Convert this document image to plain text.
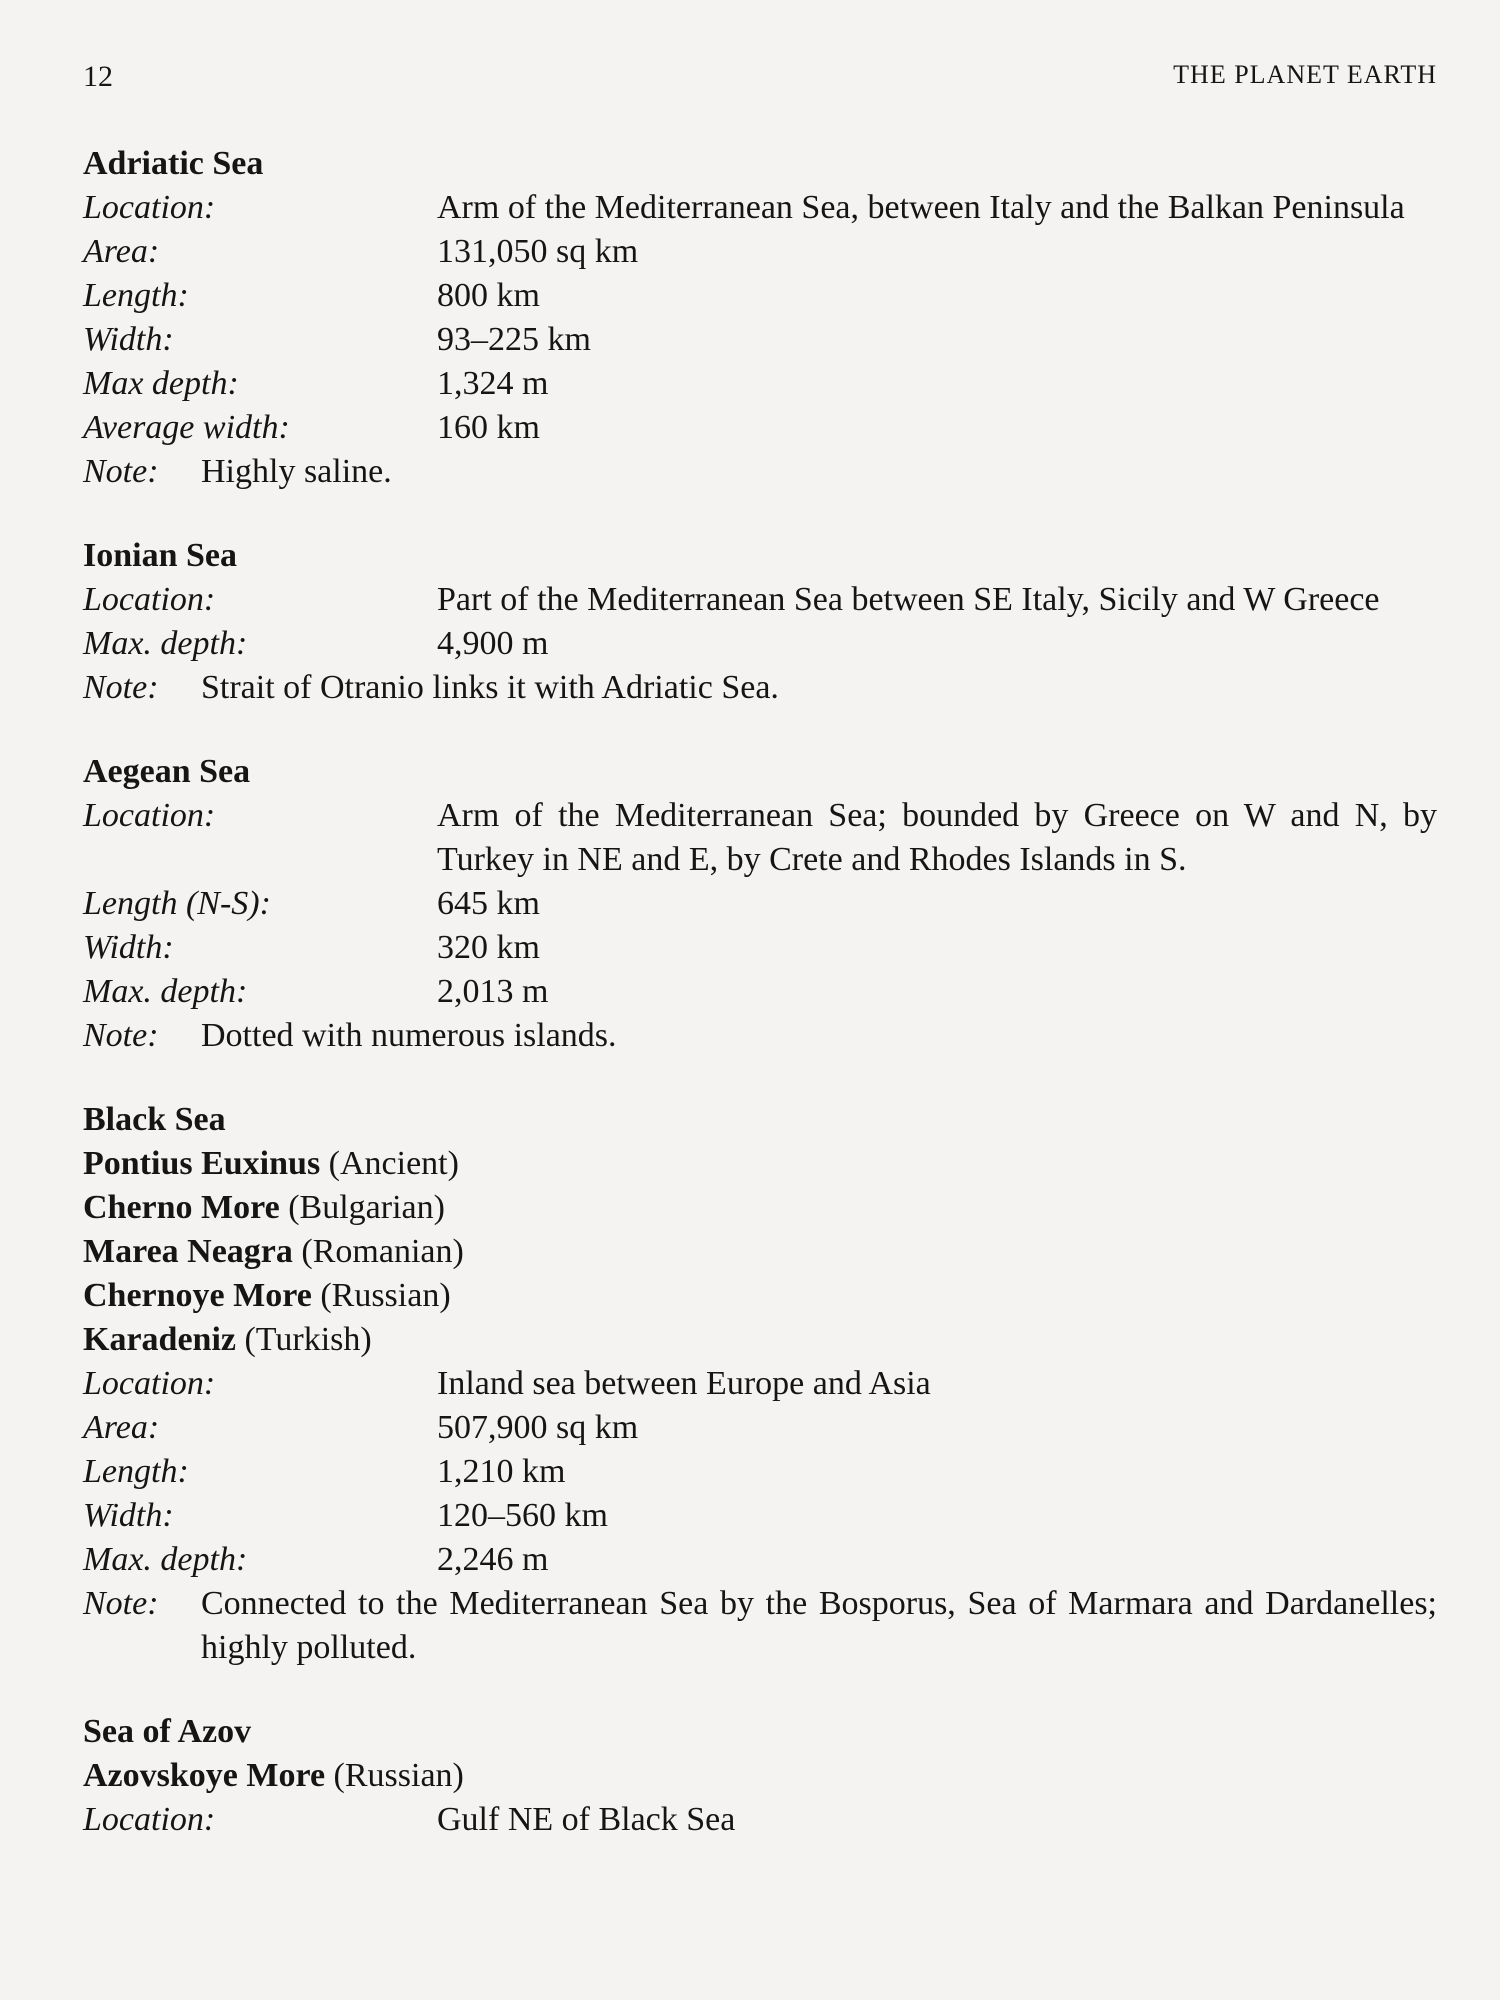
12	THE PLANET EARTH
Adriatic Sea
Location:	Arm of the Mediterranean Sea, between Italy and the Balkan Peninsula
Area:	131,050 sq km
Length:	800 km
Width:	93–225 km
Max depth:	1,324 m
Average width:	160 km
Note:	Highly saline.
Ionian Sea
Location:	Part of the Mediterranean Sea between SE Italy, Sicily and W Greece
Max. depth:	4,900 m
Note:	Strait of Otranio links it with Adriatic Sea.
Aegean Sea
Location:	Arm of the Mediterranean Sea; bounded by Greece on W and N, by Turkey in NE and E, by Crete and Rhodes Islands in S.
Length (N-S):	645 km
Width:	320 km
Max. depth:	2,013 m
Note:	Dotted with numerous islands.
Black Sea
Pontius Euxinus (Ancient)
Cherno More (Bulgarian)
Marea Neagra (Romanian)
Chernoye More (Russian)
Karadeniz (Turkish)
Location:	Inland sea between Europe and Asia
Area:	507,900 sq km
Length:	1,210 km
Width:	120–560 km
Max. depth:	2,246 m
Note:	Connected to the Mediterranean Sea by the Bosporus, Sea of Marmara and Dardanelles; highly polluted.
Sea of Azov
Azovskoye More (Russian)
Location:	Gulf NE of Black Sea
